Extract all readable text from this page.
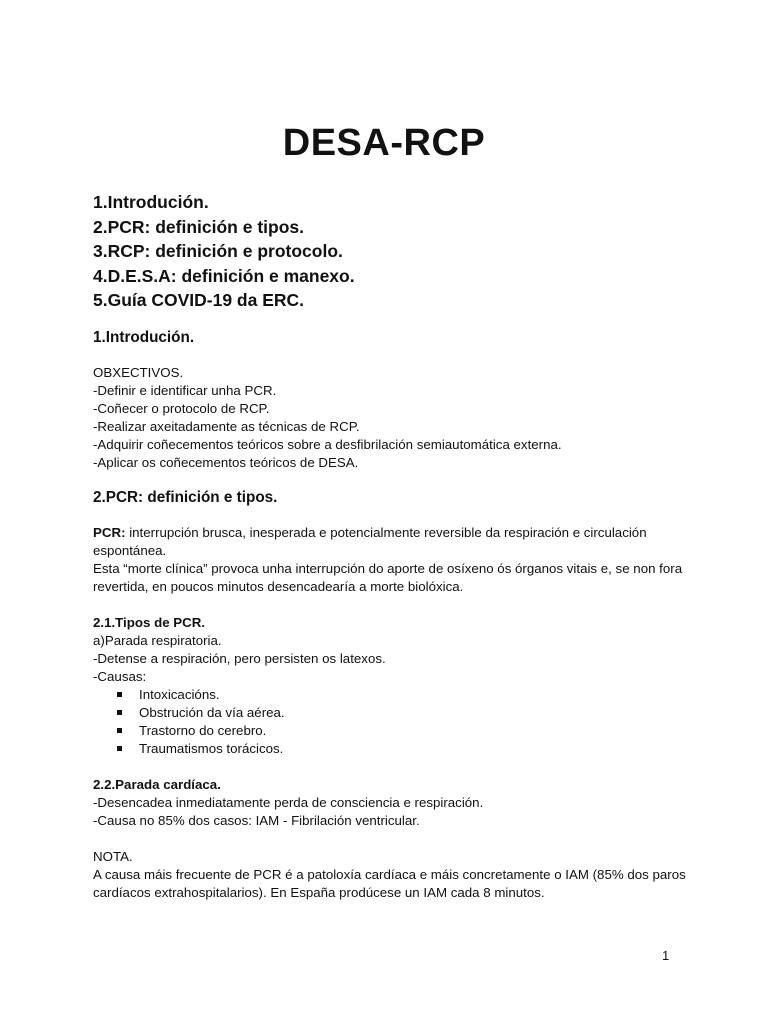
DESA-RCP
1.Introdución.
2.PCR: definición e tipos.
3.RCP: definición e protocolo.
4.D.E.S.A: definición e manexo.
5.Guía COVID-19 da ERC.

1.Introdución.

OBXECTIVOS.

-Definir e identificar unha PCR.

-Coñecer o protocolo de RCP.

-Realizar axeitadamente as técnicas de RCP.

-Adquirir coñecementos teóricos sobre a desfibrilación semiautomática externa.

-Aplicar os coñecementos teóricos de DESA.

2.PCR: definición e tipos.

PCR: interrupción brusca, inesperada e potencialmente reversible da respiración e circulación espontánea.

Esta “morte clínica” provoca unha interrupción do aporte de osíxeno ós órganos vitais e, se non fora revertida, en poucos minutos desencadearía a morte biolóxica.

2.1.Tipos de PCR.

a)Parada respiratoria.

-Detense a respiración, pero persisten os latexos.

-Causas:

Intoxicacións.
Obstrución da vía aérea.
Trastorno do cerebro.
Traumatismos torácicos.

2.2.Parada cardíaca.

-Desencadea inmediatamente perda de consciencia e respiración.

-Causa no 85% dos casos: IAM - Fibrilación ventricular.

NOTA.

A causa máis frecuente de PCR é a patoloxía cardíaca e máis concretamente o IAM (85% dos paros cardíacos extrahospitalarios). En España prodúcese un IAM cada 8 minutos.

1
